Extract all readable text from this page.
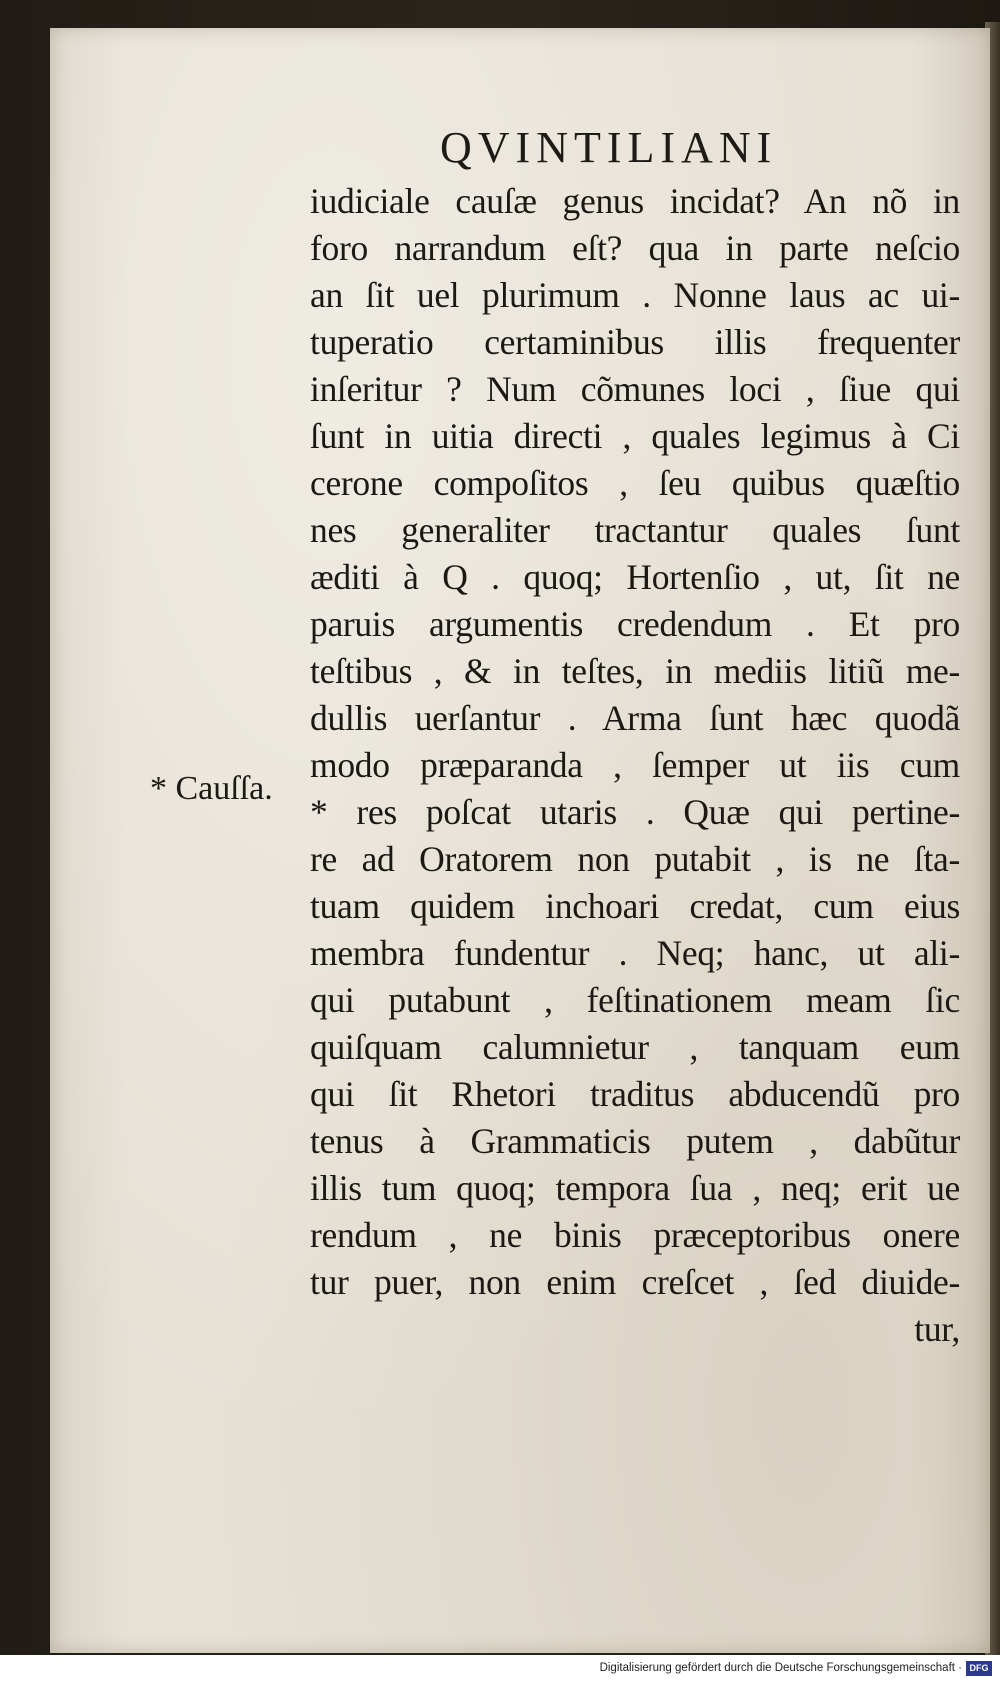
QVINTILIANI
* Cauſſa.
iudiciale cauſæ genus incidat? An nõ in
foro narrandum eſt? qua in parte neſcio
an ſit uel plurimum . Nonne laus ac ui-
tuperatio certaminibus illis frequenter
inſeritur ? Num cõmunes loci , ſiue qui
ſunt in uitia directi , quales legimus à Ci
cerone compoſitos , ſeu quibus quæſtio
nes generaliter tractantur quales ſunt
æditi à Q . quoq; Hortenſio , ut, ſit ne
paruis argumentis credendum . Et pro
teſtibus , & in teſtes, in mediis litiũ me-
dullis uerſantur . Arma ſunt hæc quodã
modo præparanda , ſemper ut iis cum
* res poſcat utaris . Quæ qui pertine-
re ad Oratorem non putabit , is ne ſta-
tuam quidem inchoari credat, cum eius
membra fundentur . Neq; hanc, ut ali-
qui putabunt , feſtinationem meam ſic
quiſquam calumnietur , tanquam eum
qui ſit Rhetori traditus abducendũ pro
tenus à Grammaticis putem , dabũtur
illis tum quoq; tempora ſua , neq; erit ue
rendum , ne binis præceptoribus onere
tur puer, non enim creſcet , ſed diuide-
tur,
Digitalisierung gefördert durch die Deutsche Forschungsgemeinschaft · DFG
